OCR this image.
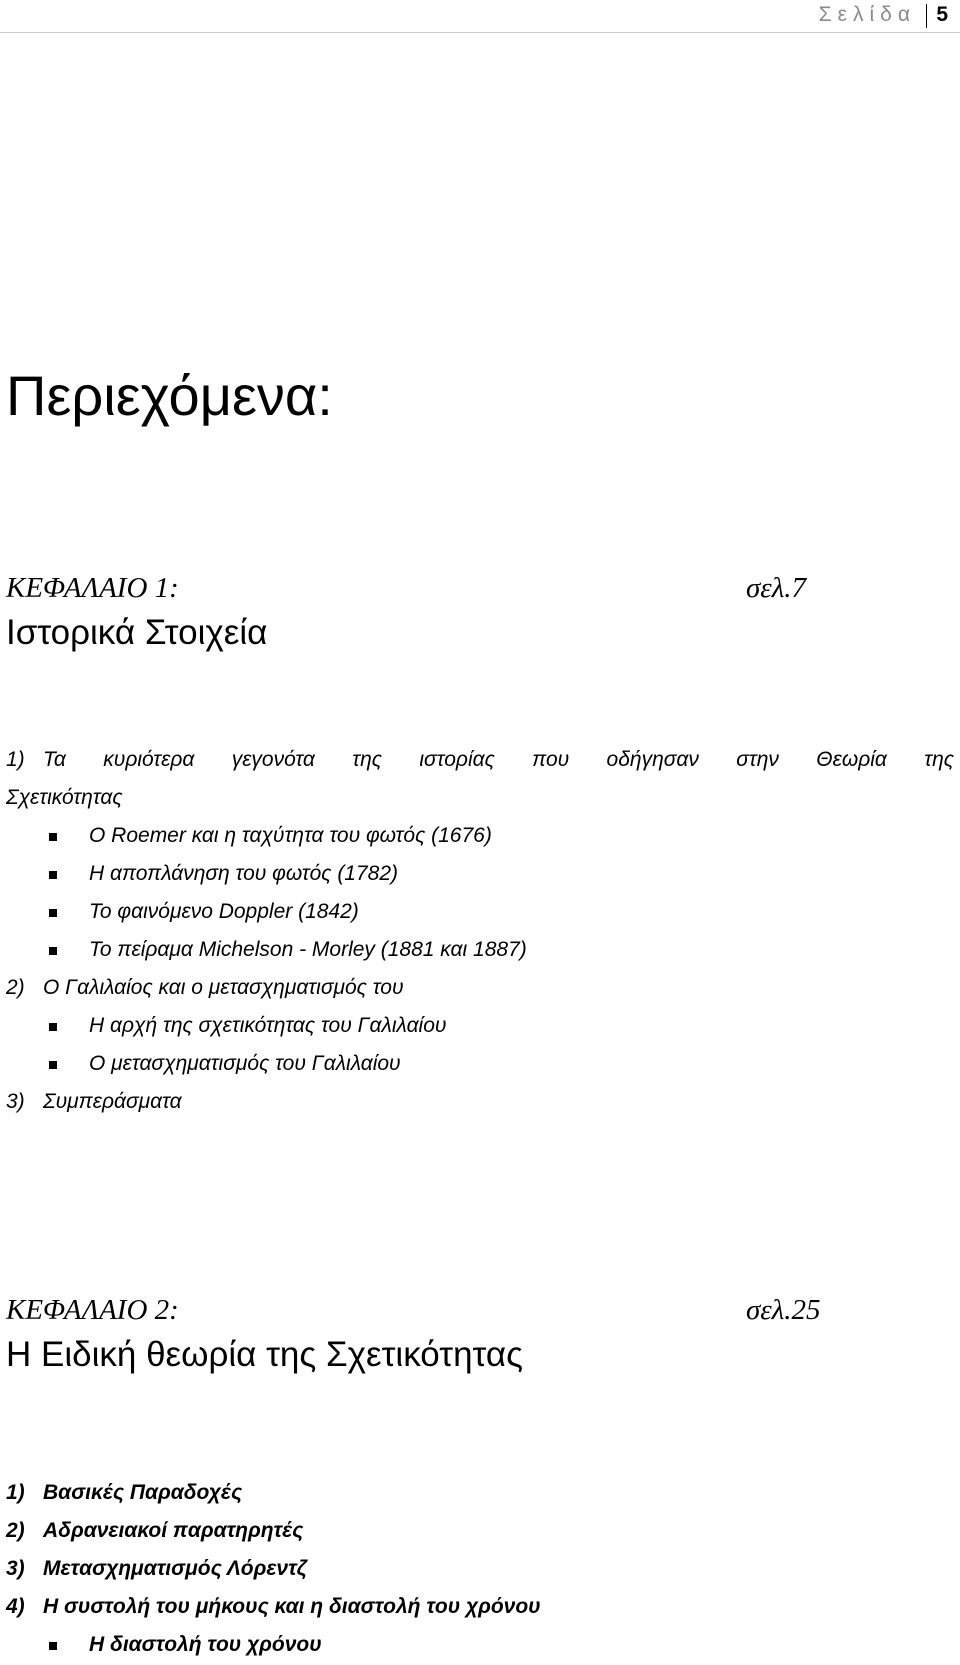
Σελίδα 5
Περιεχόμενα:
ΚΕΦΑΛΑΙΟ 1:	σελ.7
Ιστορικά Στοιχεία
1) Τα κυριότερα γεγονότα της ιστορίας που οδήγησαν στην Θεωρία της
Σχετικότητας
Ο Roemer και η ταχύτητα του φωτός (1676)
Η αποπλάνηση του φωτός (1782)
Το φαινόμενο Doppler (1842)
Το πείραμα Michelson - Morley (1881 και 1887)
2) Ο Γαλιλαίος και ο μετασχηματισμός του
Η αρχή της σχετικότητας του Γαλιλαίου
Ο μετασχηματισμός του Γαλιλαίου
3) Συμπεράσματα
ΚΕΦΑΛΑΙΟ 2:	σελ.25
Η Ειδική θεωρία της Σχετικότητας
1) Βασικές Παραδοχές
2) Αδρανειακοί παρατηρητές
3) Μετασχηματισμός Λόρεντζ
4) Η συστολή του μήκους και η διαστολή του χρόνου
Η διαστολή του χρόνου
